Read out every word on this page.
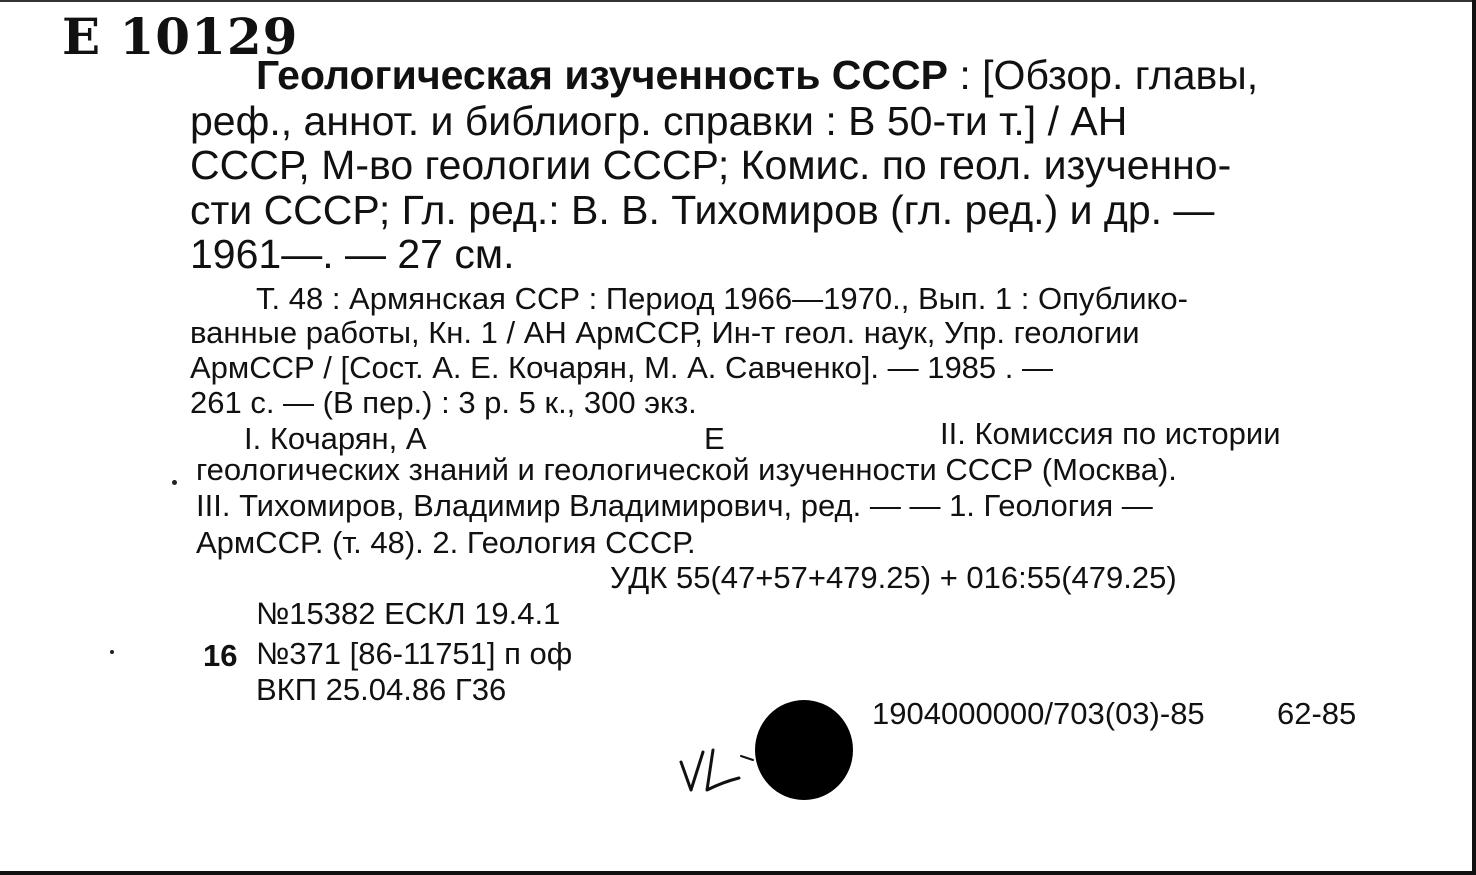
E 10129
Геологическая изученность СССР : [Обзор. главы,
реф., аннот. и библиогр. справки : В 50-ти т.] / АН
СССР, М-во геологии СССР; Комис. по геол. изученно-
сти СССР; Гл. ред.: В. В. Тихомиров (гл. ред.) и др. —
1961—. — 27 см.
Т. 48 : Армянская ССР : Период 1966—1970., Вып. 1 : Опублико-
ванные работы, Кн. 1 / АН АрмССР, Ин-т геол. наук, Упр. геологии
АрмССР / [Сост. А. Е. Кочарян, М. А. Савченко]. — 1985 . —
261 с. — (В пер.) : 3 р. 5 к., 300 экз.
I. Кочарян, А	Е	II. Комиссия по истории
геологических знаний и геологической изученности СССР (Москва).
III. Тихомиров, Владимир Владимирович, ред. — — 1. Геология —
АрмССР. (т. 48). 2. Геология СССР.
УДК 55(47+57+479.25) + 016:55(479.25)
№15382 ЕСКЛ 19.4.1
16 №371 [86-11751] п оф
ВКП 25.04.86 Г36
1904000000/703(03)-85 62-85
